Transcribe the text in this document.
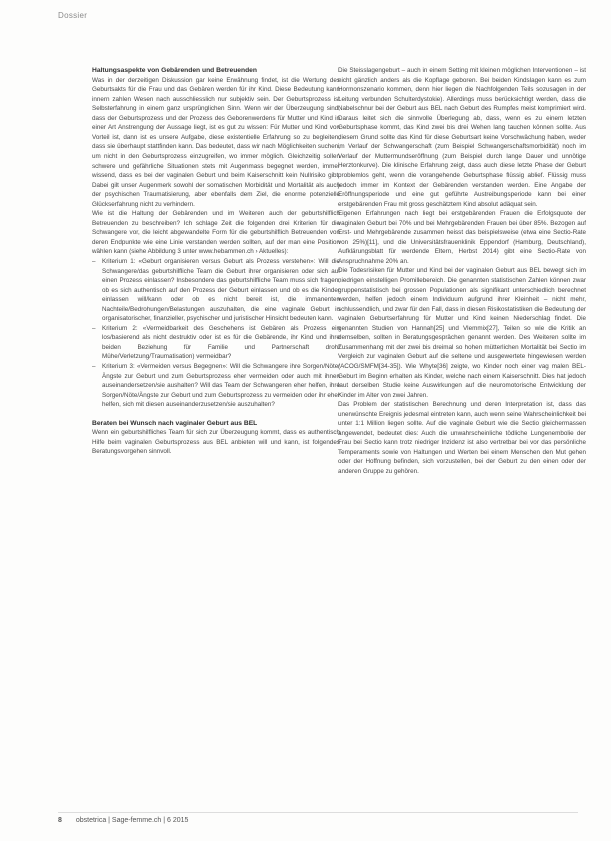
Dossier
Haltungsaspekte von Gebärenden und Betreuenden

Was in der derzeitigen Diskussion gar keine Erwähnung findet, ist die Wertung des Geburtsakts für die Frau und das Gebären werden für ihr Kind. Diese Bedeutung kann innern zahlen Wesen nach ausschliesslich nur subjektiv sein. Der Geburtsprozess ist Selbsterfahrung in einem ganz ursprünglichen Sinn. Wenn wir der Überzeugung sind, dass der Geburtsprozess und der Prozess des Geborenwerdens für Mutter und Kind in einer Art Anstrengung der Aussage liegt, ist es gut zu wissen: Für Mutter und Kind von Vorteil ist, dann ist es unsere Aufgabe, diese existentielle Erfahrung so zu begleiten, dass sie überhaupt stattfinden kann. Das bedeutet, dass wir nach Möglichkeiten suchen, um nicht in den Geburtsprozess einzugreifen, wo immer möglich. Gleichzeitig sollen schwere und gefährliche Situationen stets mit Augenmass begegnet werden, immer wissend, dass es bei der vaginalen Geburt und beim Kaiserschnitt kein Nullrisiko gibt. Dabei gilt unser Augenmerk sowohl der somatischen Morbidität und Mortalität als auch der psychischen Traumatisierung, aber ebenfalls dem Ziel, die enorme potenzielle Glückserfahrung nicht zu verhindern.

Wie ist die Haltung der Gebärenden und im Weiteren auch der geburtshilflich Betreuenden zu beschreiben? Ich schlage Zeit die folgenden drei Kriterien für die Schwangere vor, die leicht abgewandelte Form für die geburtshilflich Betreuenden von deren Endpunkte wie eine Linie verstanden werden sollten, auf der man eine Position wählen kann (siehe Abbildung 3 unter www.hebammen.ch › Aktuelles):

– Kriterium 1: «Geburt organisieren versus Geburt als Prozess verstehen»: Will die Schwangere/das geburtshilfliche Team die Geburt ihrer organisieren oder sich auf einen Prozess einlassen? Insbesondere das geburtshilfliche Team muss sich fragen, ob es sich authentisch auf den Prozess der Geburt einlassen und ob es die Kinder einlassen will/kann oder ob es nicht bereit ist, die immanenten Nachteile/Bedrohungen/Belastungen auszuhalten, die eine vaginale Geburt in organisatorischer, finanzieller, psychischer und juristischer Hinsicht bedeuten kann.
– Kriterium 2: «Vermeidbarkeit des Geschehens ist Gebären als Prozess ein los/basierend als nicht destruktiv oder ist es für die Gebärende, ihr Kind und ihre beiden Beziehung für Familie und Partnerschaft droht Mühe/Verletzung/Traumatisation) vermeidbar?
– Kriterium 3: «Vermeiden versus Begegnen»: Will die Schwangere ihre Sorgen/Nöte/Ängste zur Geburt und zum Geburtsprozess eher vermeiden oder auch mit ihnen auseinandersetzen/sie aushalten? Will das Team der Schwangeren eher helfen, ihre Sorgen/Nöte/Ängste zur Geburt und zum Geburtsprozess zu vermeiden oder ihr eher helfen, sich mit diesen auseinanderzusetzen/sie auszuhalten?
Beraten bei Wunsch nach vaginaler Geburt aus BEL

Wenn ein geburtshilfliches Team für sich zur Überzeugung kommt, dass es authentisch Hilfe beim vaginalen Geburtsprozess aus BEL anbieten will und kann, ist folgendes Beratungsvorgehen sinnvoll.

Die Steisslagengeburt – auch in einem Setting mit kleinen möglichen Interventionen – ist nicht gänzlich anders als die Kopflage geboren. Bei beiden Kindslagen kann es zum Hormonszenario kommen, denn hier liegen die Nachfolgenden Teils sozusagen in der Leitung verbunden Schulterdystokie). Allerdings muss berücksichtigt werden, dass die Nabelschnur bei der Geburt aus BEL nach Geburt des Rumpfes meist komprimiert wird. Daraus leitet sich die sinnvolle Überlegung ab, dass, wenn es zu einem letzten Geburtsphase kommt, das Kind zwei bis drei Wehen lang tauchen können sollte. Aus diesem Grund sollte das Kind für diese Geburtsart keine Vorschwächung haben, weder im Verlauf der Schwangerschaft (zum Beispiel Schwangerschaftsmorbidität) noch im Verlauf der Muttermundseröffnung (zum Beispiel durch lange Dauer und unnötige Herztonkurve). Die klinische Erfahrung zeigt, dass auch diese letzte Phase der Geburt problemlos geht, wenn die vorangehende Geburtsphase flüssig ablief. Flüssig muss jedoch immer im Kontext der Gebärenden verstanden werden. Eine Angabe der Eröffnungsperiode und eine gut geführte Austreibungsperiode kann bei einer erstgebärenden Frau mit gross geschätztem Kind absolut adäquat sein.

Eigenen Erfahrungen nach liegt bei erstgebärenden Frauen die Erfolgsquote der vaginalen Geburt bei 70% und bei Mehrgebärenden Frauen bei über 85%. Bezogen auf Erst- und Mehrgebärende zusammen heisst das beispielsweise (etwa eine Sectio-Rate von 25%)[11], und die Universitätsfrauenklinik Eppendorf (Hamburg, Deutschland), Aufklärungsblatt für werdende Eltern, Herbst 2014) gibt eine Sectio-Rate von Anspruchnahme 20% an.

Die Todesrisiken für Mutter und Kind bei der vaginalen Geburt aus BEL bewegt sich im niedrigen einstelligen Promillebereich. Die genannten statistischen Zahlen können zwar gruppenstatistisch bei grossen Populationen als signifikant unterschiedlich berechnet werden, helfen jedoch einem Individuum aufgrund ihrer Kleinheit – nicht mehr, schlussendlich, und zwar für den Fall, dass in diesen Risikostatistiken die Bedeutung der vaginalen Geburtserfahrung für Mutter und Kind keinen Niederschlag findet. Die genannten Studien von Hannah[25] und Vlemmix[27], Teilen so wie die Kritik an demselben, sollten in Beratungsgesprächen genannt werden. Des Weiteren sollte im Zusammenhang mit der zwei bis dreimal so hohen mütterlichen Mortalität bei Sectio im Vergleich zur vaginalen Geburt auf die seltene und ausgewertete hingewiesen werden (ACOG/SMFM[34-35]). Wie Whyte[36] zeigte, wo Kinder noch einer vag malen BEL-Geburt im Beginn erhalten als Kinder, welche nach einem Kaiserschnitt. Dies hat jedoch laut derselben Studie keine Auswirkungen auf die neuromotorische Entwicklung der Kinder im Alter von zwei Jahren.

Das Problem der statistischen Berechnung und deren Interpretation ist, dass das unerwünschte Ereignis jedesmal eintreten kann, auch wenn seine Wahrscheinlichkeit bei unter 1:1 Million liegen sollte. Auf die vaginale Geburt wie die Sectio gleichermassen angewendet, bedeutet dies: Auch die unwahrscheinliche tödliche Lungenembolie der Frau bei Sectio kann trotz niedriger Inzidenz ist also vertretbar bei vor das persönliche Temperaments sowie von Haltungen und Werten bei einem Menschen den Mut gehen oder der Hoffnung befinden, sich vorzustellen, bei der Geburt zu den einen oder der anderen Gruppe zu gehören.

8 obstetrica | Sage-femme.ch | 6 2015
